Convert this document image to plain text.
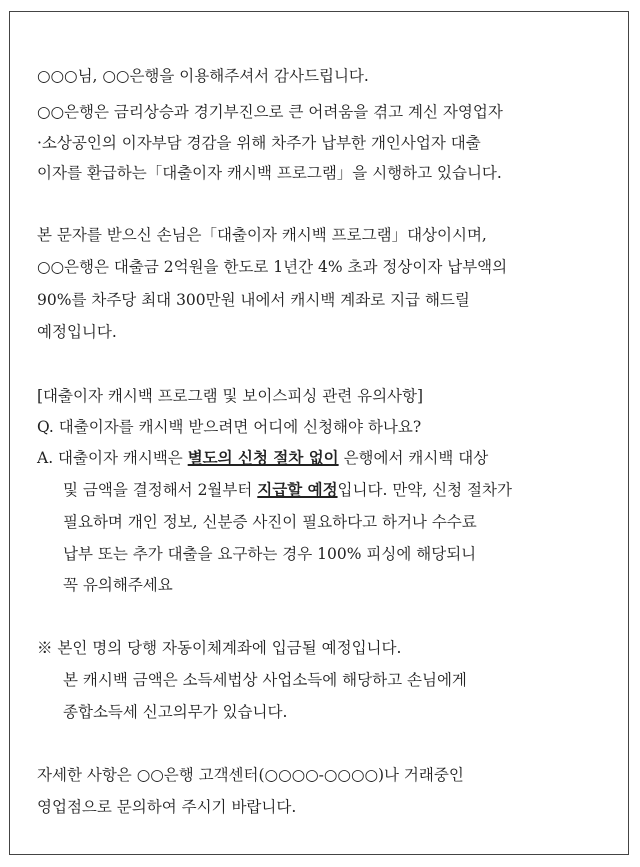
○○○님, ○○은행을 이용해주셔서 감사드립니다.
○○은행은 금리상승과 경기부진으로 큰 어려움을 겪고 계신 자영업자
·소상공인의 이자부담 경감을 위해 차주가 납부한 개인사업자 대출
이자를 환급하는「대출이자 캐시백 프로그램」을 시행하고 있습니다.
본 문자를 받으신 손님은「대출이자 캐시백 프로그램」대상이시며,
○○은행은 대출금 2억원을 한도로 1년간 4% 초과 정상이자 납부액의
90%를 차주당 최대 300만원 내에서 캐시백 계좌로 지급 해드릴
예정입니다.
[대출이자 캐시백 프로그램 및 보이스피싱 관련 유의사항]
Q. 대출이자를 캐시백 받으려면 어디에 신청해야 하나요?
A. 대출이자 캐시백은 별도의 신청 절차 없이 은행에서 캐시백 대상
및 금액을 결정해서 2월부터 지급할 예정입니다. 만약, 신청 절차가
필요하며 개인 정보, 신분증 사진이 필요하다고 하거나 수수료
납부 또는 추가 대출을 요구하는 경우 100% 피싱에 해당되니
꼭 유의해주세요
※ 본인 명의 당행 자동이체계좌에 입금될 예정입니다.
본 캐시백 금액은 소득세법상 사업소득에 해당하고 손님에게
종합소득세 신고의무가 있습니다.
자세한 사항은 ○○은행 고객센터(○○○○-○○○○)나 거래중인
영업점으로 문의하여 주시기 바랍니다.
